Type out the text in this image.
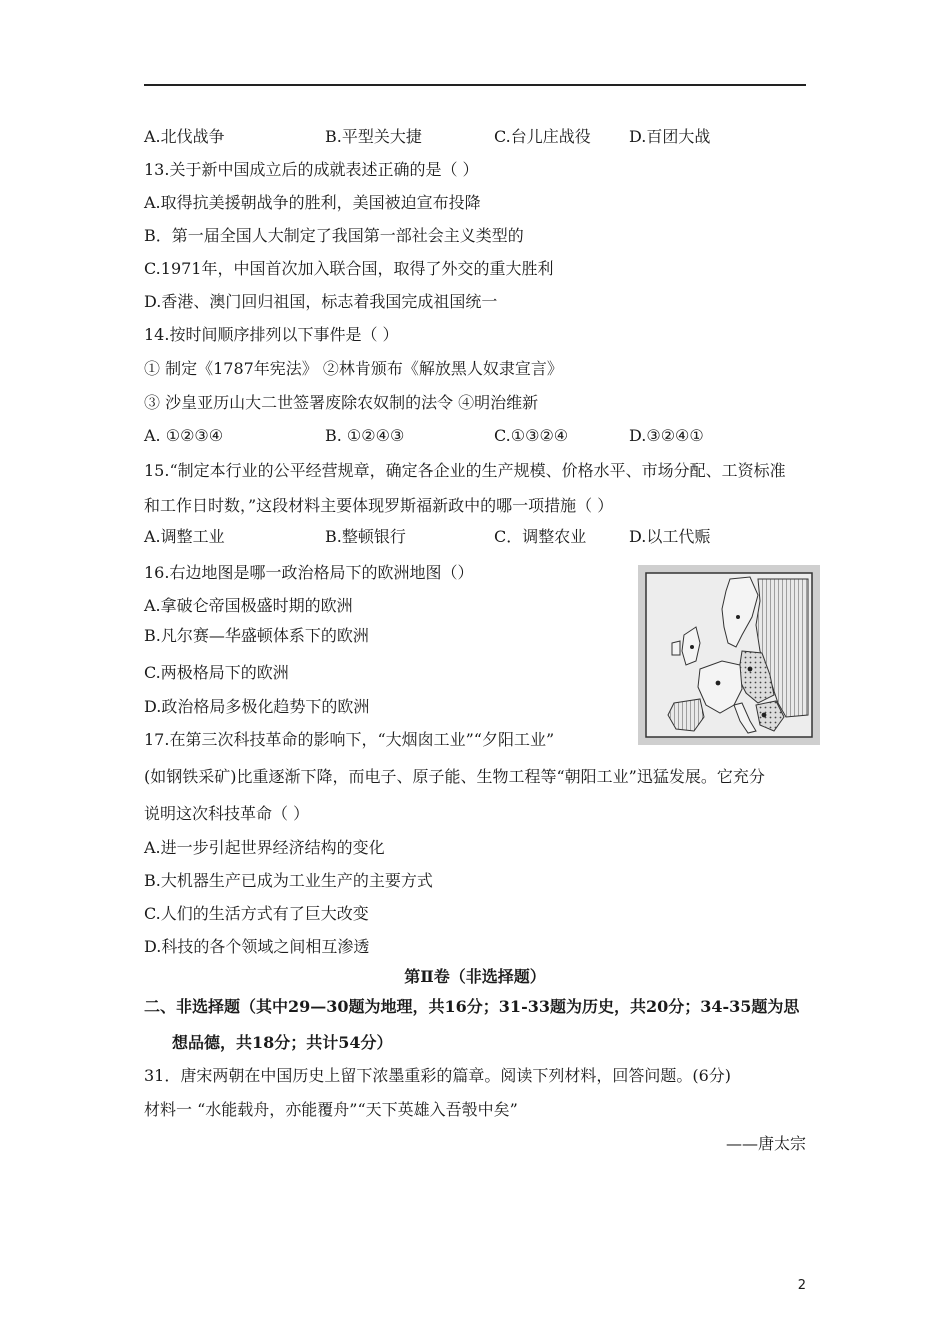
A.北伐战争	B.平型关大捷	C.台儿庄战役 D.百团大战
13.关于新中国成立后的成就表述正确的是（ ）
A.取得抗美援朝战争的胜利，美国被迫宣布投降
B．第一届全国人大制定了我国第一部社会主义类型的
C.1971年，中国首次加入联合国，取得了外交的重大胜利
D.香港、澳门回归祖国，标志着我国完成祖国统一
14.按时间顺序排列以下事件是（ ）
① 制定《1787年宪法》 ②林肯颁布《解放黑人奴隶宣言》
③ 沙皇亚历山大二世签署废除农奴制的法令 ④明治维新
A. ①②③④	B. ①②④③	C.①③②④	D.③②④①
15.“制定本行业的公平经营规章，确定各企业的生产规模、价格水平、市场分配、工资标准
和工作日时数，”这段材料主要体现罗斯福新政中的哪一项措施（ ）
A.调整工业	B.整顿银行	C．调整农业	D.以工代赈
16.右边地图是哪一政治格局下的欧洲地图（）
A.拿破仑帝国极盛时期的欧洲
B.凡尔赛—华盛顿体系下的欧洲
C.两极格局下的欧洲
D.政治格局多极化趋势下的欧洲
17.在第三次科技革命的影响下，“大烟囱工业”“夕阳工业”
(如钢铁采矿)比重逐渐下降，而电子、原子能、生物工程等“朝阳工业”迅猛发展。它充分
说明这次科技革命（ ）
A.进一步引起世界经济结构的变化
B.大机器生产已成为工业生产的主要方式
C.人们的生活方式有了巨大改变
D.科技的各个领域之间相互渗透
第Ⅱ卷（非选择题）
二、非选择题（其中29—30题为地理，共16分；31-33题为历史，共20分；34-35题为思
想品德，共18分；共计54分）
31．唐宋两朝在中国历史上留下浓墨重彩的篇章。阅读下列材料，回答问题。(6分)
材料一 “水能载舟，亦能覆舟”“天下英雄入吾彀中矣”
——唐太宗
2
